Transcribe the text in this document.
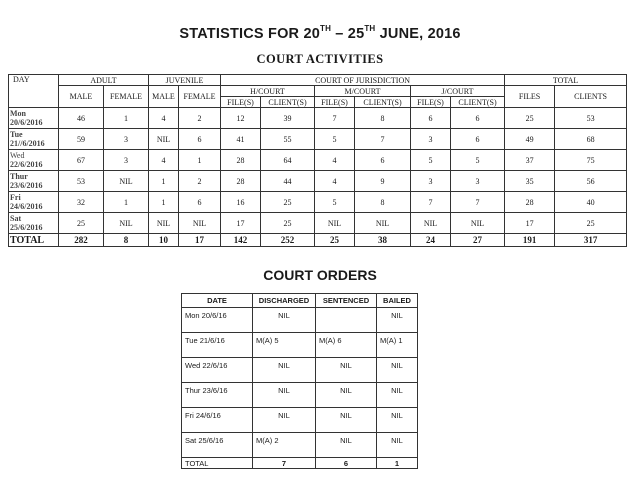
STATISTICS FOR 20TH – 25TH JUNE, 2016
COURT ACTIVITIES
DAY	ADULT		JUVENILE		COURT OF JURISDICTION						TOTAL	
	MALE	FEMALE	MALE	FEMALE	H/COURT		M/COURT		J/COURT		FILES	CLIENTS
					FILE(S)	CLIENT(S)	FILE(S)	CLIENT(S)	FILE(S)	CLIENT(S)		
Mon
20/6/2016	46	1	4	2	12	39	7	8	6	6	25	53
Tue
21//6/2016	59	3	NIL	6	41	55	5	7	3	6	49	68
Wed
22/6/2016	67	3	4	1	28	64	4	6	5	5	37	75
Thur
23/6/2016	53	NIL	1	2	28	44	4	9	3	3	35	56
Fri
24/6/2016	32	1	1	6	16	25	5	8	7	7	28	40
Sat
25/6/2016	25	NIL	NIL	NIL	17	25	NIL	NIL	NIL	NIL	17	25
TOTAL	282	8	10	17	142	252	25	38	24	27	191	317
COURT ORDERS
DATE	DISCHARGED	SENTENCED	BAILED
Mon 20/6/16	NIL		NIL
Tue 21/6/16	M(A) 5	M(A) 6	M(A) 1
Wed 22/6/16	NIL	NIL	NIL
Thur 23/6/16	NIL	NIL	NIL
Fri 24/6/16	NIL	NIL	NIL
Sat 25/6/16	M(A) 2	NIL	NIL
TOTAL	7	6	1
